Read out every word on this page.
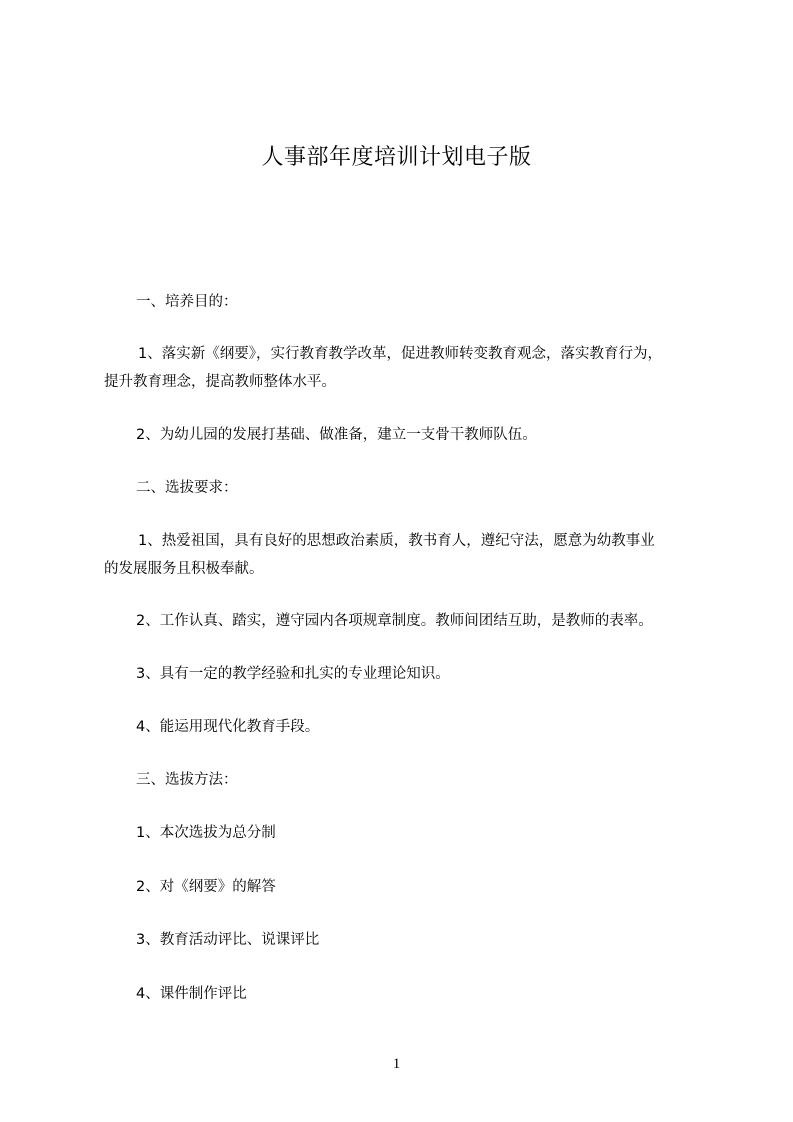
人事部年度培训计划电子版
一、培养目的：
1、落实新《纲要》，实行教育教学改革，促进教师转变教育观念，落实教育行为，
提升教育理念，提高教师整体水平。
2、为幼儿园的发展打基础、做准备，建立一支骨干教师队伍。
二、选拔要求：
1、热爱祖国，具有良好的思想政治素质，教书育人，遵纪守法，愿意为幼教事业
的发展服务且积极奉献。
2、工作认真、踏实，遵守园内各项规章制度。教师间团结互助，是教师的表率。
3、具有一定的教学经验和扎实的专业理论知识。
4、能运用现代化教育手段。
三、选拔方法：
1、本次选拔为总分制
2、对《纲要》的解答
3、教育活动评比、说课评比
4、课件制作评比
1
